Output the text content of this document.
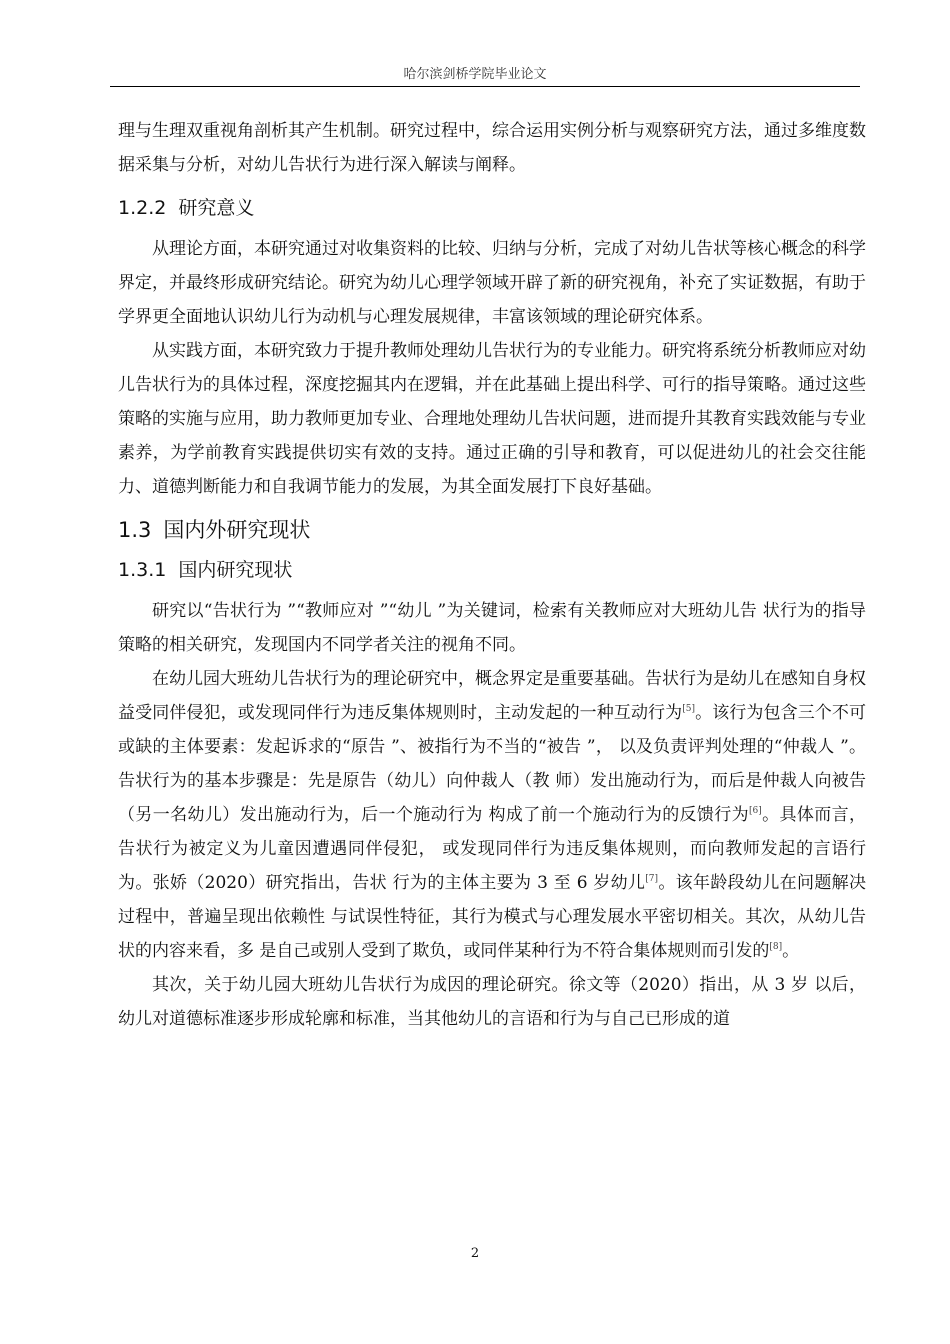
哈尔滨剑桥学院毕业论文

理与生理双重视角剖析其产生机制。研究过程中，综合运用实例分析与观察研究方法，通过多维度数据采集与分析，对幼儿告状行为进行深入解读与阐释。

1.2.2 研究意义

从理论方面，本研究通过对收集资料的比较、归纳与分析，完成了对幼儿告状等核心概念的科学界定，并最终形成研究结论。研究为幼儿心理学领域开辟了新的研究视角，补充了实证数据，有助于学界更全面地认识幼儿行为动机与心理发展规律，丰富该领域的理论研究体系。

从实践方面，本研究致力于提升教师处理幼儿告状行为的专业能力。研究将系统分析教师应对幼儿告状行为的具体过程，深度挖掘其内在逻辑，并在此基础上提出科学、可行的指导策略。通过这些策略的实施与应用，助力教师更加专业、合理地处理幼儿告状问题，进而提升其教育实践效能与专业素养，为学前教育实践提供切实有效的支持。通过正确的引导和教育，可以促进幼儿的社会交往能力、道德判断能力和自我调节能力的发展，为其全面发展打下良好基础。

1.3 国内外研究现状
1.3.1 国内研究现状

研究以“告状行为 ”“教师应对 ”“幼儿 ”为关键词，检索有关教师应对大班幼儿告 状行为的指导策略的相关研究，发现国内不同学者关注的视角不同。

在幼儿园大班幼儿告状行为的理论研究中，概念界定是重要基础。告状行为是幼儿在感知自身权益受同伴侵犯，或发现同伴行为违反集体规则时，主动发起的一种互动行为[5]。该行为包含三个不可或缺的主体要素：发起诉求的“原告 ”、被指行为不当的“被告 ”， 以及负责评判处理的“仲裁人 ”。告状行为的基本步骤是：先是原告（幼儿）向仲裁人（教 师）发出施动行为，而后是仲裁人向被告（另一名幼儿）发出施动行为，后一个施动行为 构成了前一个施动行为的反馈行为[6]。具体而言，告状行为被定义为儿童因遭遇同伴侵犯， 或发现同伴行为违反集体规则，而向教师发起的言语行为。张娇（2020）研究指出，告状 行为的主体主要为 3 至 6 岁幼儿[7]。该年龄段幼儿在问题解决过程中，普遍呈现出依赖性 与试误性特征，其行为模式与心理发展水平密切相关。其次，从幼儿告状的内容来看，多 是自己或别人受到了欺负，或同伴某种行为不符合集体规则而引发的[8]。

其次，关于幼儿园大班幼儿告状行为成因的理论研究。徐文等（2020）指出，从 3 岁 以后，幼儿对道德标准逐步形成轮廓和标准，当其他幼儿的言语和行为与自己已形成的道

2
